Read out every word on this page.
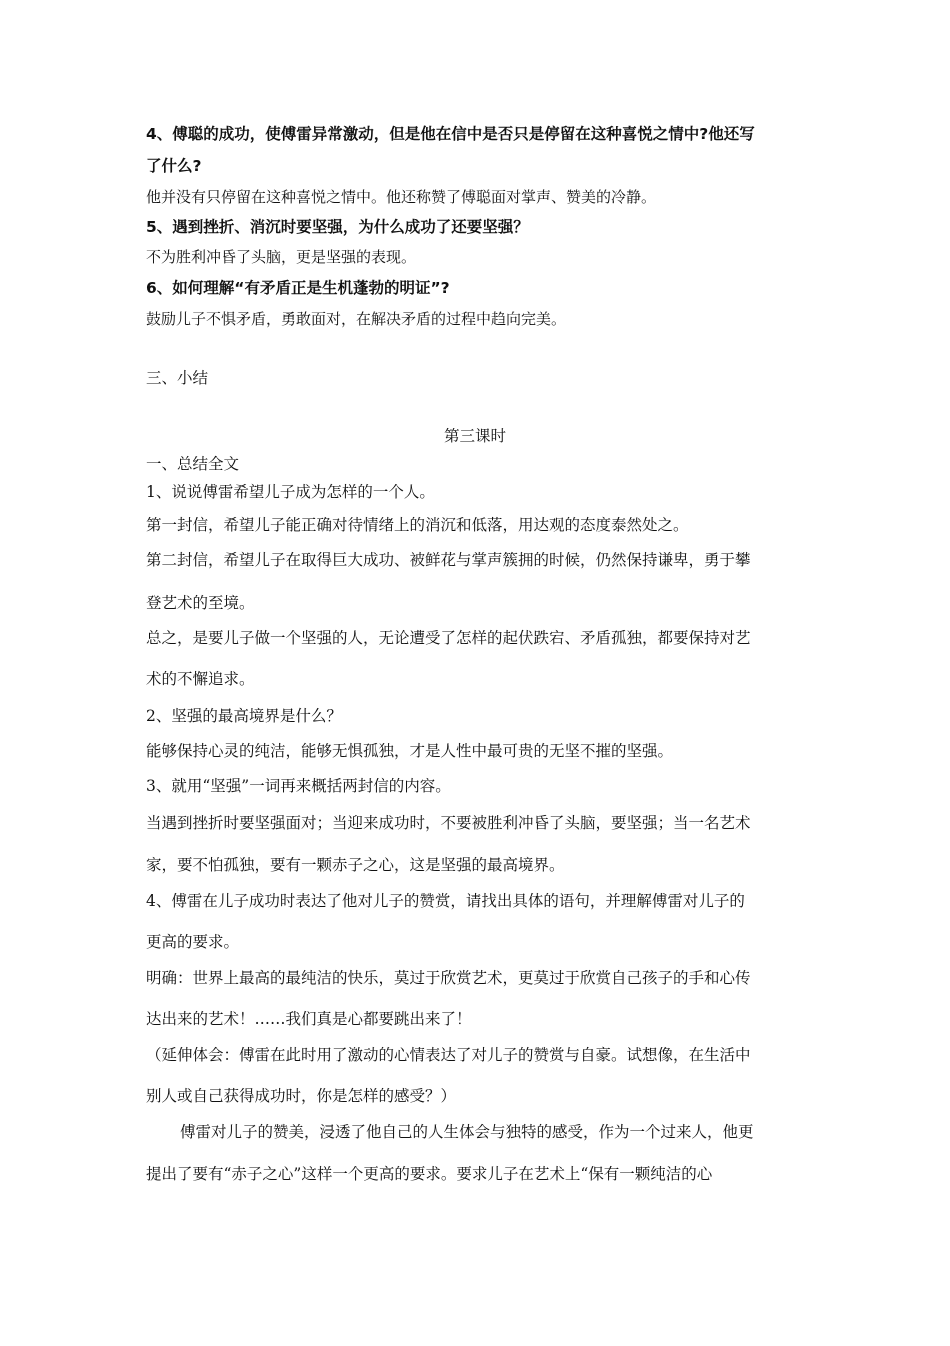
4、傅聪的成功，使傅雷异常激动，但是他在信中是否只是停留在这种喜悦之情中?他还写
了什么?
他并没有只停留在这种喜悦之情中。他还称赞了傅聪面对掌声、赞美的冷静。
5、遇到挫折、消沉时要坚强，为什么成功了还要坚强？
不为胜利冲昏了头脑，更是坚强的表现。
6、如何理解“有矛盾正是生机蓬勃的明证”?
鼓励儿子不惧矛盾，勇敢面对，在解决矛盾的过程中趋向完美。
三、小结
第三课时
一、总结全文
1、说说傅雷希望儿子成为怎样的一个人。
第一封信，希望儿子能正确对待情绪上的消沉和低落，用达观的态度泰然处之。
第二封信，希望儿子在取得巨大成功、被鲜花与掌声簇拥的时候，仍然保持谦卑，勇于攀
登艺术的至境。
总之，是要儿子做一个坚强的人，无论遭受了怎样的起伏跌宕、矛盾孤独，都要保持对艺
术的不懈追求。
2、坚强的最高境界是什么？
能够保持心灵的纯洁，能够无惧孤独，才是人性中最可贵的无坚不摧的坚强。
3、就用“坚强”一词再来概括两封信的内容。
当遇到挫折时要坚强面对；当迎来成功时，不要被胜利冲昏了头脑，要坚强；当一名艺术
家，要不怕孤独，要有一颗赤子之心，这是坚强的最高境界。
4、傅雷在儿子成功时表达了他对儿子的赞赏，请找出具体的语句，并理解傅雷对儿子的
更高的要求。
明确：世界上最高的最纯洁的快乐，莫过于欣赏艺术，更莫过于欣赏自己孩子的手和心传
达出来的艺术！……我们真是心都要跳出来了！
（延伸体会：傅雷在此时用了激动的心情表达了对儿子的赞赏与自豪。试想像，在生活中
别人或自己获得成功时，你是怎样的感受？）
傅雷对儿子的赞美，浸透了他自己的人生体会与独特的感受，作为一个过来人，他更
提出了要有“赤子之心”这样一个更高的要求。要求儿子在艺术上“保有一颗纯洁的心
